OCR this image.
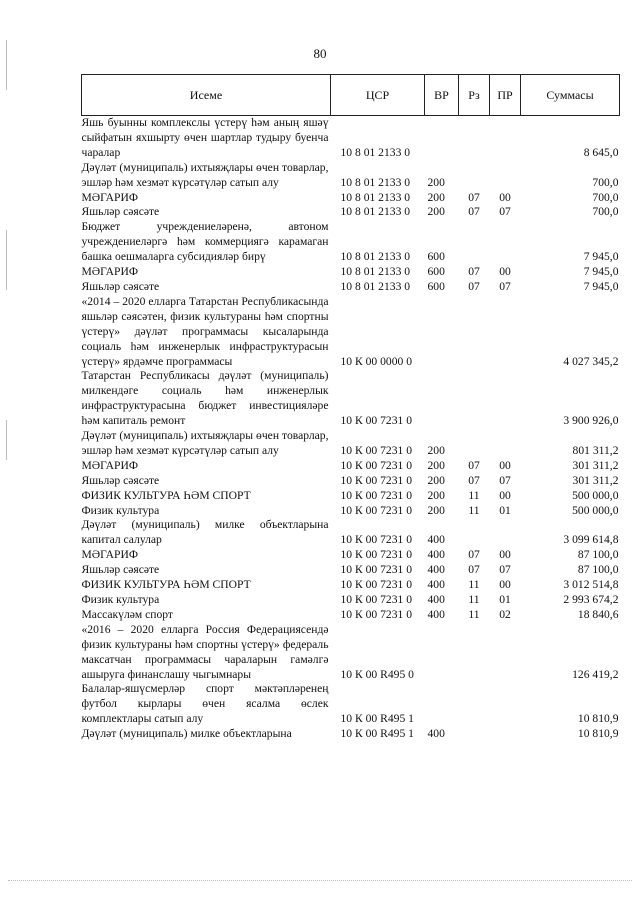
80
Исеме	ЦСР	ВР	Рз	ПР	Суммасы
Яшь буынны комплекслы үстерү һәм аның яшәү сыйфатын яхшырту өчен шартлар тудыру буенча чаралар	10 8 01 2133 0				8 645,0
Дәүләт (муниципаль) ихтыяҗлары өчен товарлар, эшләр һәм хезмәт күрсәтүләр сатып алу	10 8 01 2133 0	200			700,0
МӘГАРИФ	10 8 01 2133 0	200	07	00	700,0
Яшьләр сәясәте	10 8 01 2133 0	200	07	07	700,0
Бюджет учреждениеләренә, автоном учреждениеләргә һәм коммерциягә карамаган башка оешмаларга субсидияләр бирү	10 8 01 2133 0	600			7 945,0
МӘГАРИФ	10 8 01 2133 0	600	07	00	7 945,0
Яшьләр сәясәте	10 8 01 2133 0	600	07	07	7 945,0
«2014 – 2020 елларга Татарстан Республикасында яшьләр сәясәтен, физик культураны һәм спортны үстерү» дәүләт программасы кысаларында социаль һәм инженерлык инфраструктурасын үстерү» ярдәмче программасы	10 К 00 0000 0				4 027 345,2
Татарстан Республикасы дәүләт (муниципаль) милкендәге социаль һәм инженерлык инфраструктурасына бюджет инвестицияләре һәм капиталь ремонт	10 К 00 7231 0				3 900 926,0
Дәүләт (муниципаль) ихтыяҗлары өчен товарлар, эшләр һәм хезмәт күрсәтүләр сатып алу	10 К 00 7231 0	200			801 311,2
МӘГАРИФ	10 К 00 7231 0	200	07	00	301 311,2
Яшьләр сәясәте	10 К 00 7231 0	200	07	07	301 311,2
ФИЗИК КУЛЬТУРА ҺӘМ СПОРТ	10 К 00 7231 0	200	11	00	500 000,0
Физик культура	10 К 00 7231 0	200	11	01	500 000,0
Дәүләт (муниципаль) милке объектларына капитал салулар	10 К 00 7231 0	400			3 099 614,8
МӘГАРИФ	10 К 00 7231 0	400	07	00	87 100,0
Яшьләр сәясәте	10 К 00 7231 0	400	07	07	87 100,0
ФИЗИК КУЛЬТУРА ҺӘМ СПОРТ	10 К 00 7231 0	400	11	00	3 012 514,8
Физик культура	10 К 00 7231 0	400	11	01	2 993 674,2
Массакүләм спорт	10 К 00 7231 0	400	11	02	18 840,6
«2016 – 2020 елларга Россия Федерациясендә физик культураны һәм спортны үстерү» федераль максатчан программасы чараларын гамәлгә ашыруга финанслашу чыгымнары	10 К 00 R495 0				126 419,2
Балалар-яшүсмерләр спорт мәктәпләренең футбол кырлары өчен ясалма өслек комплектлары сатып алу	10 К 00 R495 1				10 810,9
Дәүләт (муниципаль) милке объектларына	10 К 00 R495 1	400			10 810,9
